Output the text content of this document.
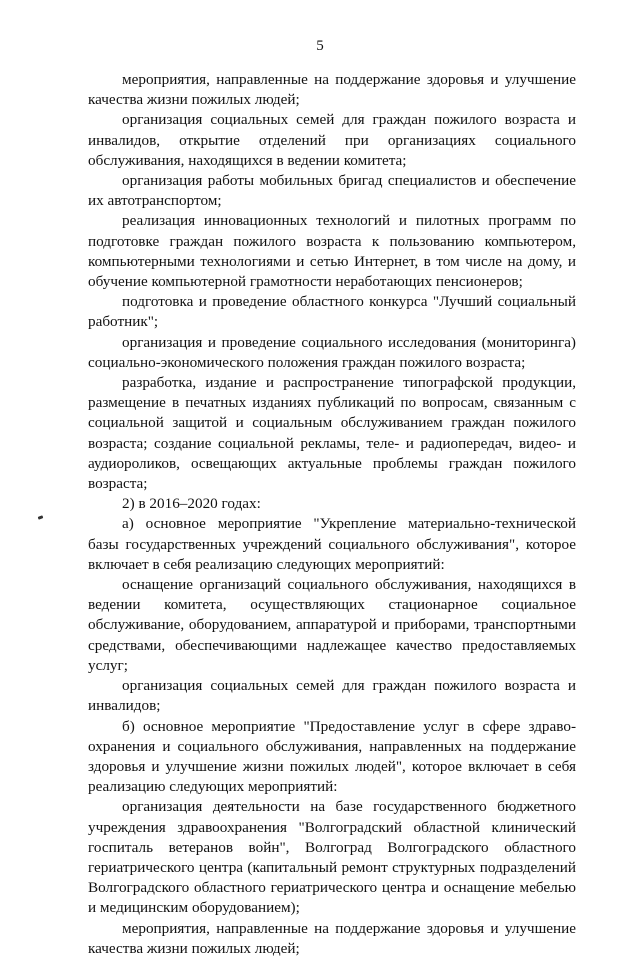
5

мероприятия, направленные на поддержание здоровья и улучшение качества жизни пожилых людей;

организация социальных семей для граждан пожилого возраста и инвалидов, открытие отделений при организациях социального обслуживания, находящихся в ведении комитета;

организация работы мобильных бригад специалистов и обеспечение их автотранспортом;

реализация инновационных технологий и пилотных программ по подготовке граждан пожилого возраста к пользованию компьютером, компьютерными технологиями и сетью Интернет, в том числе на дому, и обучение компьютерной грамотности неработающих пенсионеров;

подготовка и проведение областного конкурса "Лучший социальный работник";

организация и проведение социального исследования (мониторинга) социально-экономического положения граждан пожилого возраста;

разработка, издание и распространение типографской продукции, размещение в печатных изданиях публикаций по вопросам, связанным с социальной защитой и социальным обслуживанием граждан пожилого возраста; создание социальной рекламы, теле- и радиопередач, видео- и аудиороликов, освещающих актуальные проблемы граждан пожилого возраста;

2) в 2016–2020 годах:

а) основное мероприятие "Укрепление материально-технической базы государственных учреждений социального обслуживания", которое включает в себя реализацию следующих мероприятий:

оснащение организаций социального обслуживания, находящихся в ведении комитета, осуществляющих стационарное социальное обслуживание, оборудованием, аппаратурой и приборами, транспортными средствами, обеспечивающими надлежащее качество предоставляемых услуг;

организация социальных семей для граждан пожилого возраста и инвалидов;

б) основное мероприятие "Предоставление услуг в сфере здравоохранения и социального обслуживания, направленных на поддержание здоровья и улучшение жизни пожилых людей", которое включает в себя реализацию следующих мероприятий:

организация деятельности на базе государственного бюджетного учреждения здравоохранения "Волгоградский областной клинический госпиталь ветеранов войн", Волгоград Волгоградского областного гериатрического центра (капитальный ремонт структурных подразделений Волгоградского областного гериатрического центра и оснащение мебелью и медицинским оборудованием);

мероприятия, направленные на поддержание здоровья и улучшение качества жизни пожилых людей;
